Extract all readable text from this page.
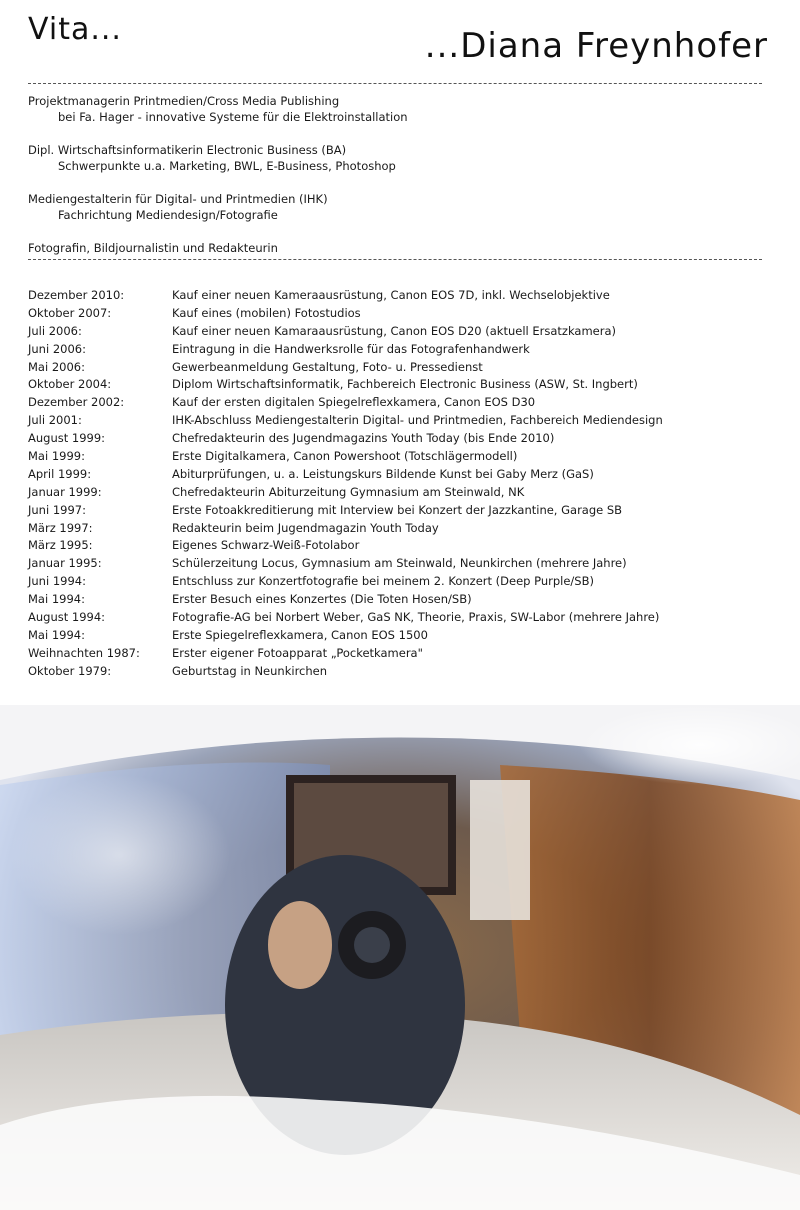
Vita...	...Diana Freynhofer
Projektmanagerin Printmedien/Cross Media Publishing
bei Fa. Hager - innovative Systeme für die Elektroinstallation
Dipl. Wirtschaftsinformatikerin Electronic Business (BA)
Schwerpunkte u.a. Marketing, BWL, E-Business, Photoshop
Mediengestalterin für Digital- und Printmedien (IHK)
Fachrichtung Mediendesign/Fotografie
Fotografin, Bildjournalistin und Redakteurin
Dezember 2010:	Kauf einer neuen Kameraausrüstung, Canon EOS 7D, inkl. Wechselobjektive
Oktober 2007:	Kauf eines (mobilen) Fotostudios
Juli 2006:	Kauf einer neuen Kamaraausrüstung, Canon EOS D20 (aktuell Ersatzkamera)
Juni 2006:	Eintragung in die Handwerksrolle für das Fotografenhandwerk
Mai 2006:	Gewerbeanmeldung Gestaltung, Foto- u. Pressedienst
Oktober 2004:	Diplom Wirtschaftsinformatik, Fachbereich Electronic Business (ASW, St. Ingbert)
Dezember 2002:	Kauf der ersten digitalen Spiegelreflexkamera, Canon EOS D30
Juli 2001:	IHK-Abschluss Mediengestalterin Digital- und Printmedien, Fachbereich Mediendesign
August 1999:	Chefredakteurin des Jugendmagazins Youth Today (bis Ende 2010)
Mai 1999:	Erste Digitalkamera, Canon Powershoot (Totschlägermodell)
April 1999:	Abiturprüfungen, u. a. Leistungskurs Bildende Kunst bei Gaby Merz (GaS)
Januar 1999:	Chefredakteurin Abiturzeitung Gymnasium am Steinwald, NK
Juni 1997:	Erste Fotoakkreditierung mit Interview bei Konzert der Jazzkantine, Garage SB
März 1997:	Redakteurin beim Jugendmagazin Youth Today
März 1995:	Eigenes Schwarz-Weiß-Fotolabor
Januar 1995:	Schülerzeitung Locus, Gymnasium am Steinwald, Neunkirchen (mehrere Jahre)
Juni 1994:	Entschluss zur Konzertfotografie bei meinem 2. Konzert (Deep Purple/SB)
Mai 1994:	Erster Besuch eines Konzertes (Die Toten Hosen/SB)
August 1994:	Fotografie-AG bei Norbert Weber, GaS NK, Theorie, Praxis, SW-Labor (mehrere Jahre)
Mai 1994:	Erste Spiegelreflexkamera, Canon EOS 1500
Weihnachten 1987:	Erster eigener Fotoapparat „Pocketkamera"
Oktober 1979:	Geburtstag in Neunkirchen
